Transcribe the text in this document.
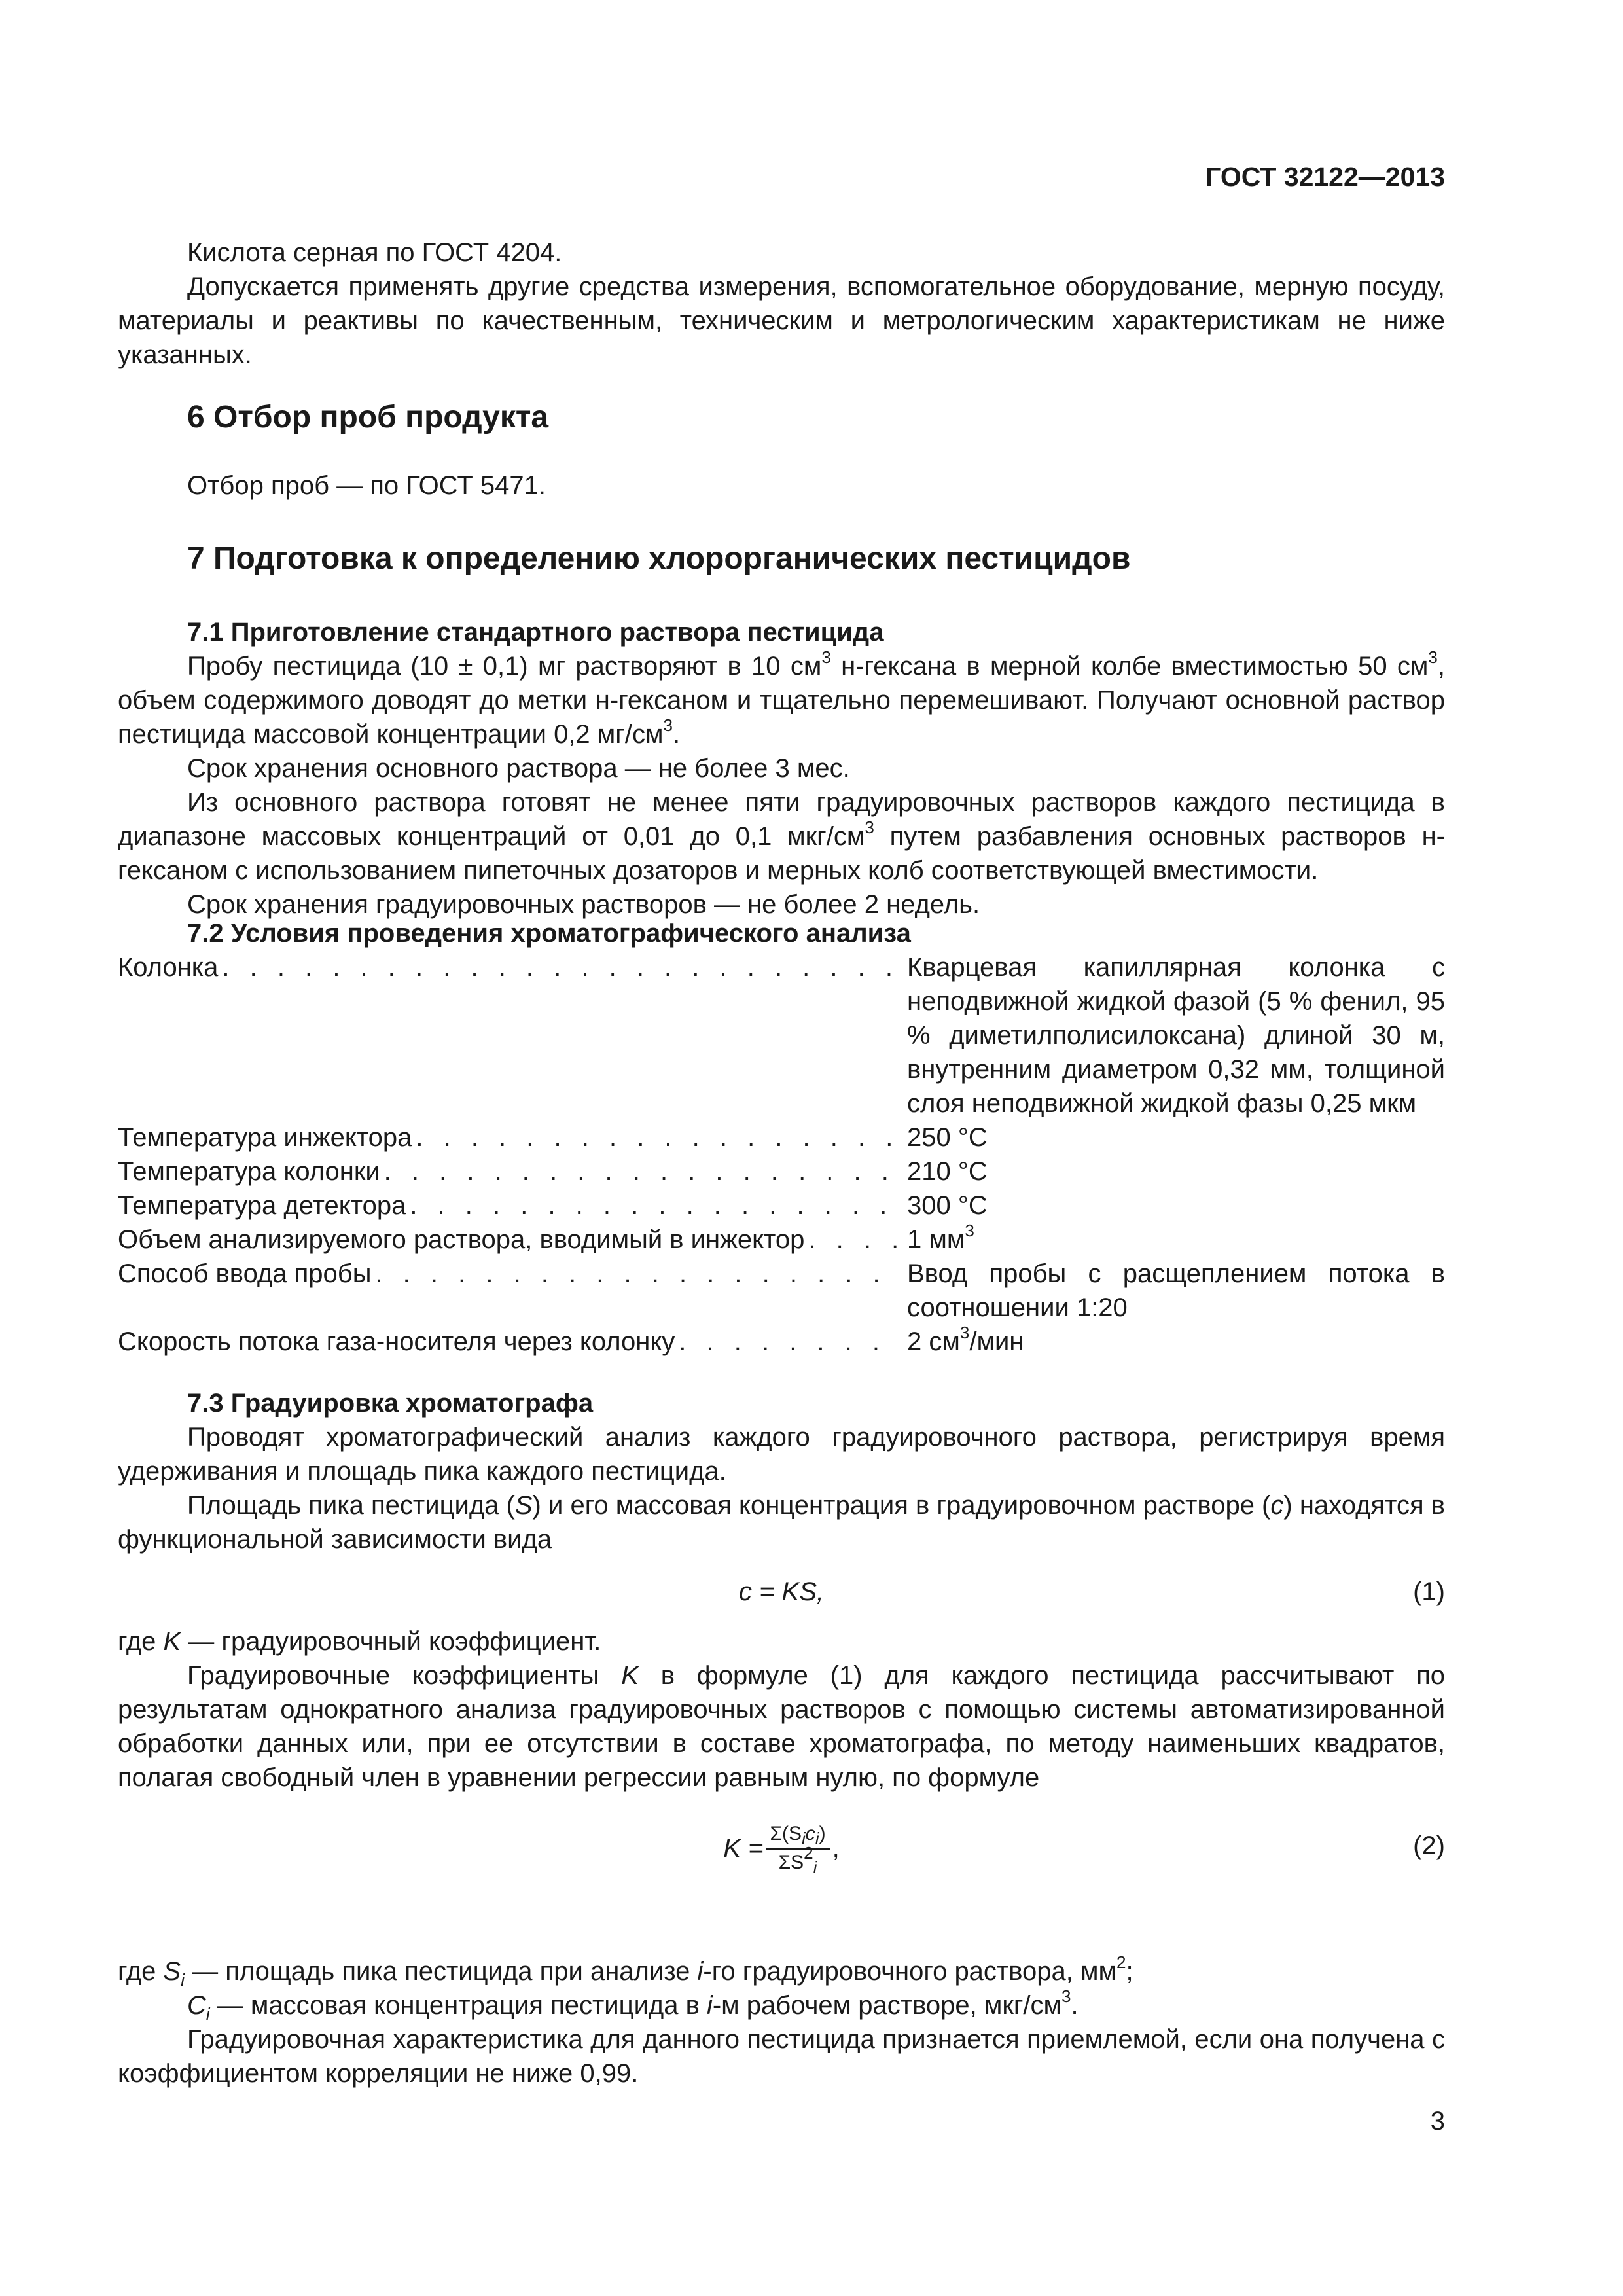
ГОСТ 32122—2013

Кислота серная по ГОСТ 4204.

Допускается применять другие средства измерения, вспомогательное оборудование, мерную посуду, материалы и реактивы по качественным, техническим и метрологическим характеристикам не ниже указанных.

6 Отбор проб продукта

Отбор проб — по ГОСТ 5471.

7 Подготовка к определению хлорорганических пестицидов
7.1 Приготовление стандартного раствора пестицида

Пробу пестицида (10 ± 0,1) мг растворяют в 10 $см^3$ н-гексана в мерной колбе вместимостью 50 $см^3$, объем содержимого доводят до метки н-гексаном и тщательно перемешивают. Получают основной раствор пестицида массовой концентрации 0,2 $мг/см^3$.

Срок хранения основного раствора — не более 3 мес.

Из основного раствора готовят не менее пяти градуировочных растворов каждого пестицида в диапазоне массовых концентраций от 0,01 до 0,1 мкг/$см^3$ путем разбавления основных растворов н-гексаном с использованием пипеточных дозаторов и мерных колб соответствующей вместимости.

Срок хранения градуировочных растворов — не более 2 недель.

7.2 Условия проведения хроматографического анализа
Колонка . . .	Кварцевая капиллярная колонка с неподвижной жидкой фазой (5 % фенил, 95 % диметилполисилоксана) длиной 30 м, внутренним диаметром 0,32 мм, толщиной слоя неподвижной жидкой фазы 0,25 мкм
Температура инжектора . . .	250 °С
Температура колонки . . .	210 °С
Температура детектора . . .	300 °С
Объем анализируемого раствора, вводимый в инжектор . . .	1 $мм^3$
Способ ввода пробы . . .	Ввод пробы с расщеплением потока в соотношении 1:20
Скорость потока газа-носителя через колонку . . .	2 $см^3$/мин
7.3 Градуировка хроматографа

Проводят хроматографический анализ каждого градуировочного раствора, регистрируя время удерживания и площадь пика каждого пестицида.

Площадь пика пестицида (S) и его массовая концентрация в градуировочном растворе (с) находятся в функциональной зависимости вида

с = KS,	(1)

где K — градуировочный коэффициент.

Градуировочные коэффициенты K в формуле (1) для каждого пестицида рассчитывают по результатам однократного анализа градуировочных растворов с помощью системы автоматизированной обработки данных или, при ее отсутствии в составе хроматографа, по методу наименьших квадратов, полагая свободный член в уравнении регрессии равным нулю, по формуле

$K = \frac{\Sigma(S_ic_i)}{\Sigma S^2_i}$ ,	(2)

где $S_i$ — площадь пика пестицида при анализе i-го градуировочного раствора, $мм^2$;

$C_i$ — массовая концентрация пестицида в i-м рабочем растворе, мкг/$см^3$.

Градуировочная характеристика для данного пестицида признается приемлемой, если она получена с коэффициентом корреляции не ниже 0,99.

3
